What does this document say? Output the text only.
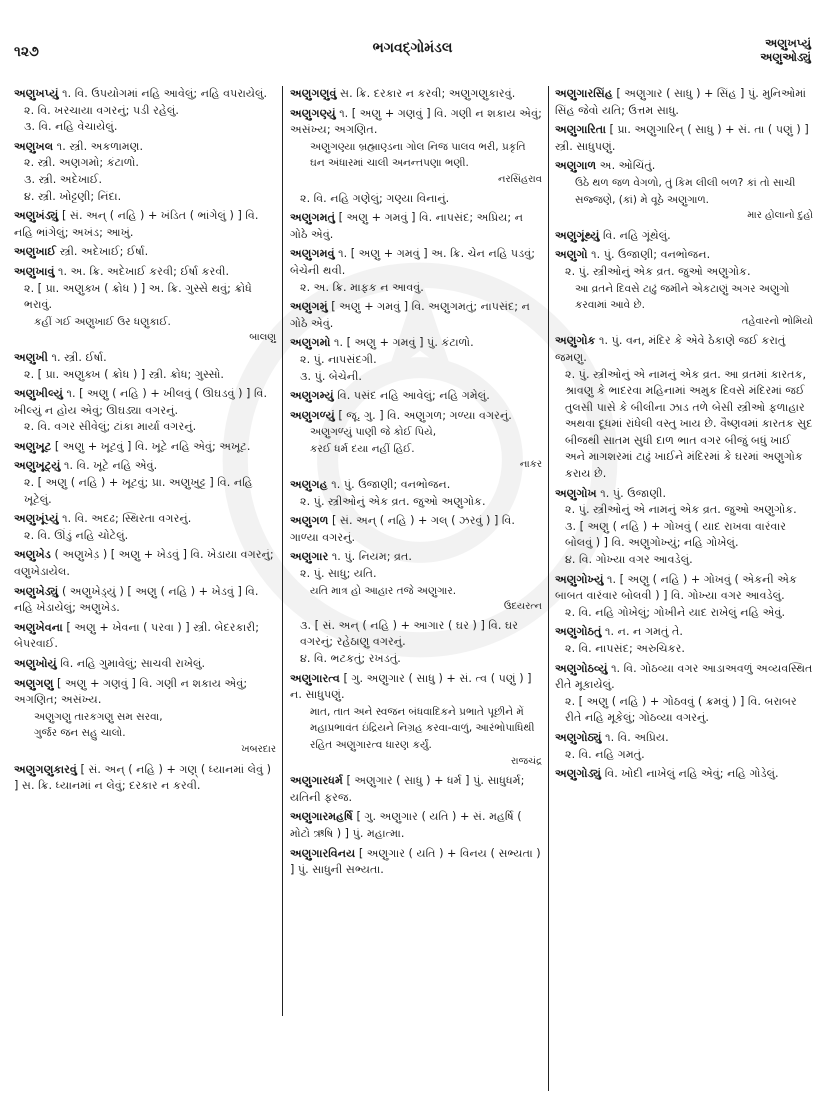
૧૨૭	ભગવદ્ગોમંડલ	અણુખપ્યું
અણુઓડ્યું
અણુખપ્યું ૧. વિ. ઉપયોગમાં નહિ આવેલું; નહિ વપરાયેલું.
૨. વિ. ખરચાયા વગરનું; પડી રહેલું.
૩. વિ. નહિ વેચાયેલું.
અણુખલ ૧. સ્ત્રી. અકળામણ.
૨. સ્ત્રી. અણગમો; કંટાળો.
૩. સ્ત્રી. અદેખાઈ.
૪. સ્ત્રી. ખોટ્ટણી; નિંદા.
અણુખંડ્યું [ સં. અન્ ( નહિ ) + ખંડિત ( ભાંગેલું ) ] વિ. નહિ ભાંગેલું; અખંડ; આખું.
અણુખાઈ સ્ત્રી. અદેખાઈ; ઈર્ષા.
અણુખાવું ૧. અ. ક્રિ. અદેખાઈ કરવી; ઈર્ષા કરવી.
૨. [ પ્રા. અણુક્ખ ( ક્રોધ ) ] અ. ક્રિ. ગુસ્સે થવું; ક્રોધે ભરાવું.
કહીં ગઈ અણુખાઈ ઉર ધણુકાઈ.
બાલણુ
અણુખી ૧. સ્ત્રી. ઈર્ષા.
૨. [ પ્રા. અણુક્ખ ( ક્રોધ ) ] સ્ત્રી. ક્રોધ; ગુસ્સો.
અણુખીલ્યું ૧. [ અણુ ( નહિ ) + ખીલવું ( ઊઘડવું ) ] વિ. ખીલ્યું ન હોય એવું; ઊઘડ્યા વગરનું.
૨. વિ. વગર સીવેલું; ટાંકા માર્યા વગરનું.
અણુખૂટ [ અણુ + ખૂટવું ] વિ. ખૂટે નહિ એવું; અખૂટ.
અણુખૂટ્યું ૧. વિ. ખૂટે નહિ એવું.
૨. [ અણુ ( નહિ ) + ખૂટવું; પ્રા. અણુખુટ્ટ ] વિ. નહિ ખૂટેલું.
અણુખૂંપ્યું ૧. વિ. અદઢ; સ્થિરતા વગરનું.
૨. વિ. ઊંડું નહિ ચોટેલું.
અણુખેડ ( અણુખેડ઼ ) [ અણુ + ખેડવું ] વિ. ખેડાયા વગરનું; વણુખેડાયેલ.
અણુખેડ્યું ( અણુખેડ઼્યું ) [ અણુ ( નહિ ) + ખેડવું ] વિ. નહિ ખેડાયેલું; અણુખેડ.
અણુખેવના [ અણુ + ખેવના ( પરવા ) ] સ્ત્રી. બેદરકારી; બેપરવાઈ.
અણુખોયું વિ. નહિ ગુમાવેલું; સાચવી રાખેલું.
અણુગણુ [ અણુ + ગણવું ] વિ. ગણી ન શકાય એવું; અગણિત; અસંખ્ય.
અણુગણુ તારકગણુ સમ સરવા,
ગુર્જર જન સહુ ચાલો.
ખબરદાર
અણુગણુકારવું [ સં. અન્ ( નહિ ) + ગણ્ ( ધ્યાનમાં લેવું ) ] સ. ક્રિ. ધ્યાનમાં ન લેવું; દરકાર ન કરવી.
અણુગણુવું સ. ક્રિ. દરકાર ન કરવી; અણુગણુકારવું.
અણુગણ્યું ૧. [ અણુ + ગણવું ] વિ. ગણી ન શકાય એવું; અસંખ્ય; અગણિત.
અણુગણ્યા બ્રહ્માણ્ડના ગોલ નિજ પાલવ ભરી, પ્રકૃતિ ઘન અંધારમાં ચાલી અનન્તપણા ભણી.
નરસિંહરાવ
૨. વિ. નહિ ગણેલું; ગણ્યા વિનાનું.
અણુગમતું [ અણુ + ગમવું ] વિ. નાપસંદ; અપ્રિય; ન ગોઠે એવું.
અણુગમવું ૧. [ અણુ + ગમવું ] અ. ક્રિ. ચેન નહિ પડવું; બેચેની થવી.
૨. અ. ક્રિ. માફક ન આવવું.
અણુગમું [ અણુ + ગમવું ] વિ. અણુગમતું; નાપસંદ; ન ગોઠે એવું.
અણુગમો ૧. [ અણુ + ગમવું ] પું. કંટાળો.
૨. પું. નાપસંદગી.
૩. પું. બેચેની.
અણુગમ્યું વિ. પસંદ નહિ આવેલું; નહિ ગમેલું.
અણુગળ્યું [ જૂ. ગુ. ] વિ. અણુગળ; ગળ્યા વગરનું.
અણુગળ્યું પાણી જે કોઈ પિયે,
કરઈ ધર્મ દયા નહીં હિઈ.
નાકર
અણુગહ ૧. પું. ઉજાણી; વનભોજન.
૨. પું. સ્ત્રીઓનું એક વ્રત. જુઓ અણુગોક.
અણુગળ [ સં. અન્ ( નહિ ) + ગલ્ ( ઝરવું ) ] વિ. ગાળ્યા વગરનું.
અણુગાર ૧. પું. નિયમ; વ્રત.
૨. પું. સાધુ; યતિ.
યતિ માત્ર હો આહાર તજે અણુગાર.
ઉદયરત્ન
૩. [ સં. અન્ ( નહિ ) + આગાર ( ઘર ) ] વિ. ઘર વગરનું; રહેઠાણુ વગરનું.
૪. વિ. ભટકતું; રખડતું.
અણુગારત્વ [ ગુ. અણુગાર ( સાધુ ) + સં. ત્વ ( પણું ) ] ન. સાધુપણું.
માત, તાત અને સ્વજન બંધવાદિકને પ્રભાતે પૂછીને મેં મહાપ્રભાવંત ઇંદ્રિયને નિગ્રહ કરવા-વાળું, આરંભોપાધિથી રહિત અણુગારત્વ ધારણ કર્યું.
રાજચંદ્ર
અણુગારધર્મ [ અણુગાર ( સાધુ ) + ધર્મ ] પું. સાધુધર્મ; યતિની ફરજ.
અણુગારમહર્ષિ [ ગુ. અણુગાર ( યતિ ) + સં. મહર્ષિ ( મોટો ઋષિ ) ] પું. મહાત્મા.
અણુગારવિનય [ અણુગાર ( યતિ ) + વિનય ( સભ્યતા ) ] પું. સાધુની સભ્યતા.
અણુગારસિંહ [ અણુગાર ( સાધુ ) + સિંહ ] પું. મુનિઓમાં સિંહ જેવો યતિ; ઉત્તમ સાધુ.
અણુગારિતા [ પ્રા. અણુગારિન્ ( સાધુ ) + સં. તા ( પણું ) ] સ્ત્રી. સાધુપણું.
અણુગાળ અ. ઓચિંતું.
ઉઠે થળ જળ વેગળો, તું કિમ લીલી બળ? કાં તો સાચી સજ્જણે, (કાં) મે વૂઠે અણુગાળ.
માર હોલાનો દુહો
અણુગૂંથ્યું વિ. નહિ ગૂંથેલું.
અણુગો ૧. પું. ઉજાણી; વનભોજન.
૨. પું. સ્ત્રીઓનું એક વ્રત. જુઓ અણુગોક.
આ વ્રતને દિવસે ટાઢું જમીને એકટાણું અગર અણુગો કરવામાં આવે છે.
તહેવારનો ભોમિયો
અણુગોક ૧. પું. વન, મંદિર કે એવે ઠેકાણે જઈ કરાતું જમણુ.
૨. પું. સ્ત્રીઓનું એ નામનું એક વ્રત. આ વ્રતમાં કારતક, શ્રાવણુ કે ભાદરવા મહિનામાં અમુક દિવસે મંદિરમાં જઈ તુલસી પાસે કે બીલીના ઝાડ તળે બેસી સ્ત્રીઓ ફળાહાર અથવા દૂધમાં રાંધેલી વસ્તુ ખાય છે. વૈષ્ણવમાં કારતક સુદ બીજથી સાતમ સુધી દાળ ભાત વગર બીજું બધું ખાઈ અને માગશરમાં ટાઢું ખાઈને મંદિરમાં કે ઘરમાં અણુગોક કરાય છે.
અણુગોખ ૧. પું. ઉજાણી.
૨. પું. સ્ત્રીઓનું એ નામનું એક વ્રત. જુઓ અણુગોક.
૩. [ અણુ ( નહિ ) + ગોખવું ( યાદ રાખવા વારંવાર બોલવું ) ] વિ. અણુગોખ્યું; નહિ ગોખેલું.
૪. વિ. ગોખ્યા વગર આવડેલું.
અણુગોખ્યું ૧. [ અણુ ( નહિ ) + ગોખવું ( એકની એક બાબત વારંવાર બોલવી ) ] વિ. ગોખ્યા વગર આવડેલું.
૨. વિ. નહિ ગોખેલું; ગોખીને યાદ રાખેલું નહિ એવું.
અણુગોઠતું ૧. ન. ન ગમતું તે.
૨. વિ. નાપસંદ; અરુચિકર.
અણુગોઠવ્યું ૧. વિ. ગોઠવ્યા વગર આડાઅવળું અવ્યવસ્થિત રીતે મૂકાયેલું.
૨. [ અણુ ( નહિ ) + ગોઠવવું ( ક્રમવું ) ] વિ. બરાબર રીતે નહિ મૂકેલું; ગોઠવ્યા વગરનું.
અણુગોઠ્યું ૧. વિ. અપ્રિય.
૨. વિ. નહિ ગમતું.
અણુગોડ્યું વિ. ખોદી નાખેલું નહિ એવું; નહિ ગોડેલું.
